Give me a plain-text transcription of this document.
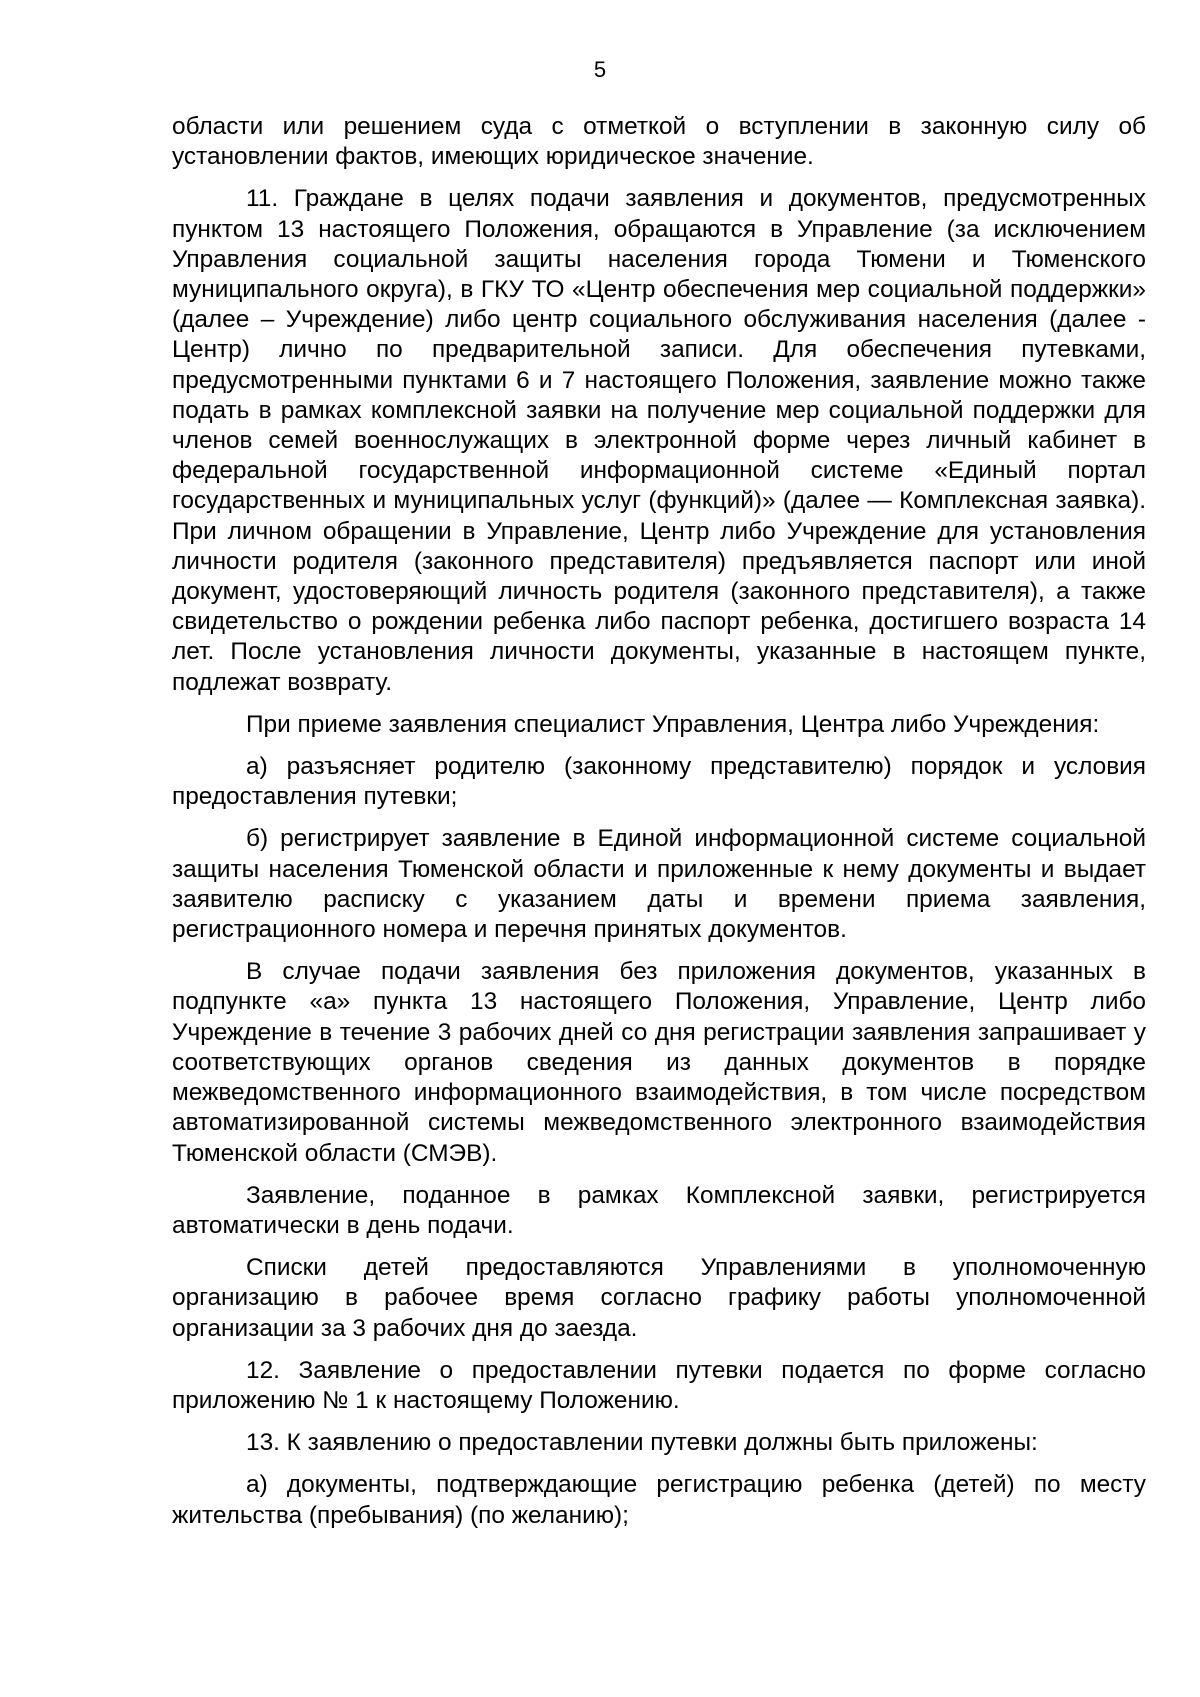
5

области или решением суда с отметкой о вступлении в законную силу об установлении фактов, имеющих юридическое значение.

11. Граждане в целях подачи заявления и документов, предусмотренных пунктом 13 настоящего Положения, обращаются в Управление (за исключением Управления социальной защиты населения города Тюмени и Тюменского муниципального округа), в ГКУ ТО «Центр обеспечения мер социальной поддержки» (далее – Учреждение) либо центр социального обслуживания населения (далее - Центр) лично по предварительной записи. Для обеспечения путевками, предусмотренными пунктами 6 и 7 настоящего Положения, заявление можно также подать в рамках комплексной заявки на получение мер социальной поддержки для членов семей военнослужащих в электронной форме через личный кабинет в федеральной государственной информационной системе «Единый портал государственных и муниципальных услуг (функций)» (далее — Комплексная заявка). При личном обращении в Управление, Центр либо Учреждение для установления личности родителя (законного представителя) предъявляется паспорт или иной документ, удостоверяющий личность родителя (законного представителя), а также свидетельство о рождении ребенка либо паспорт ребенка, достигшего возраста 14 лет. После установления личности документы, указанные в настоящем пункте, подлежат возврату.

При приеме заявления специалист Управления, Центра либо Учреждения:

а) разъясняет родителю (законному представителю) порядок и условия предоставления путевки;

б) регистрирует заявление в Единой информационной системе социальной защиты населения Тюменской области и приложенные к нему документы и выдает заявителю расписку с указанием даты и времени приема заявления, регистрационного номера и перечня принятых документов.

В случае подачи заявления без приложения документов, указанных в подпункте «а» пункта 13 настоящего Положения, Управление, Центр либо Учреждение в течение 3 рабочих дней со дня регистрации заявления запрашивает у соответствующих органов сведения из данных документов в порядке межведомственного информационного взаимодействия, в том числе посредством автоматизированной системы межведомственного электронного взаимодействия Тюменской области (СМЭВ).

Заявление, поданное в рамках Комплексной заявки, регистрируется автоматически в день подачи.

Списки детей предоставляются Управлениями в уполномоченную организацию в рабочее время согласно графику работы уполномоченной организации за 3 рабочих дня до заезда.

12. Заявление о предоставлении путевки подается по форме согласно приложению № 1 к настоящему Положению.

13. К заявлению о предоставлении путевки должны быть приложены:

а) документы, подтверждающие регистрацию ребенка (детей) по месту жительства (пребывания) (по желанию);
